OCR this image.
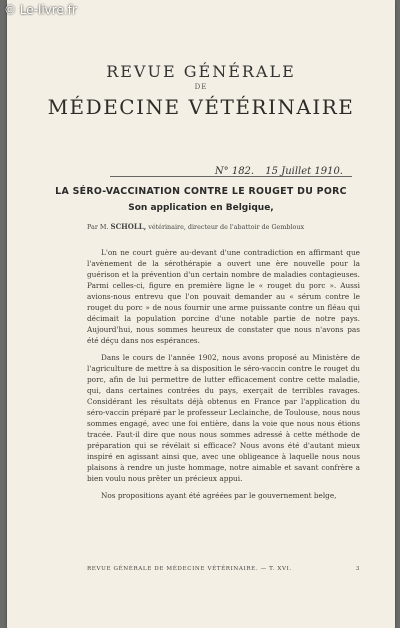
© Le-livre.fr
REVUE GÉNÉRALE
DE
MÉDECINE VÉTÉRINAIRE
N° 182. 15 Juillet 1910.
LA SÉRO-VACCINATION CONTRE LE ROUGET DU PORC
Son application en Belgique,
Par M. SCHOLL, vétérinaire, directeur de l'abattoir de Gembloux

L'on ne court guère au-devant d'une contradiction en affirmant que l'avènement de la sérothérapie a ouvert une ère nouvelle pour la guérison et la prévention d'un certain nombre de maladies contagieuses. Parmi celles-ci, figure en première ligne le « rouget du porc ». Aussi avions-nous entrevu que l'on pouvait demander au « sérum contre le rouget du porc » de nous fournir une arme puissante contre un fléau qui décimait la population porcine d'une notable partie de notre pays. Aujourd'hui, nous sommes heureux de constater que nous n'avons pas été déçu dans nos espérances.

Dans le cours de l'année 1902, nous avons proposé au Ministère de l'agriculture de mettre à sa disposition le séro-vaccin contre le rouget du porc, afin de lui permettre de lutter efficacement contre cette maladie, qui, dans certaines contrées du pays, exerçait de terribles ravages. Considérant les résultats déjà obtenus en France par l'application du séro-vaccin préparé par le professeur Leclainche, de Toulouse, nous nous sommes engagé, avec une foi entière, dans la voie que nous nous étions tracée. Faut-il dire que nous nous sommes adressé à cette méthode de préparation qui se révélait si efficace? Nous avons été d'autant mieux inspiré en agissant ainsi que, avec une obligeance à laquelle nous nous plaisons à rendre un juste hommage, notre aimable et savant confrère a bien voulu nous prêter un précieux appui.

Nos propositions ayant été agréées par le gouvernement belge,

REVUE GÉNÉRALE DE MÉDECINE VÉTÉRINAIRE. — T. XVI.	3
